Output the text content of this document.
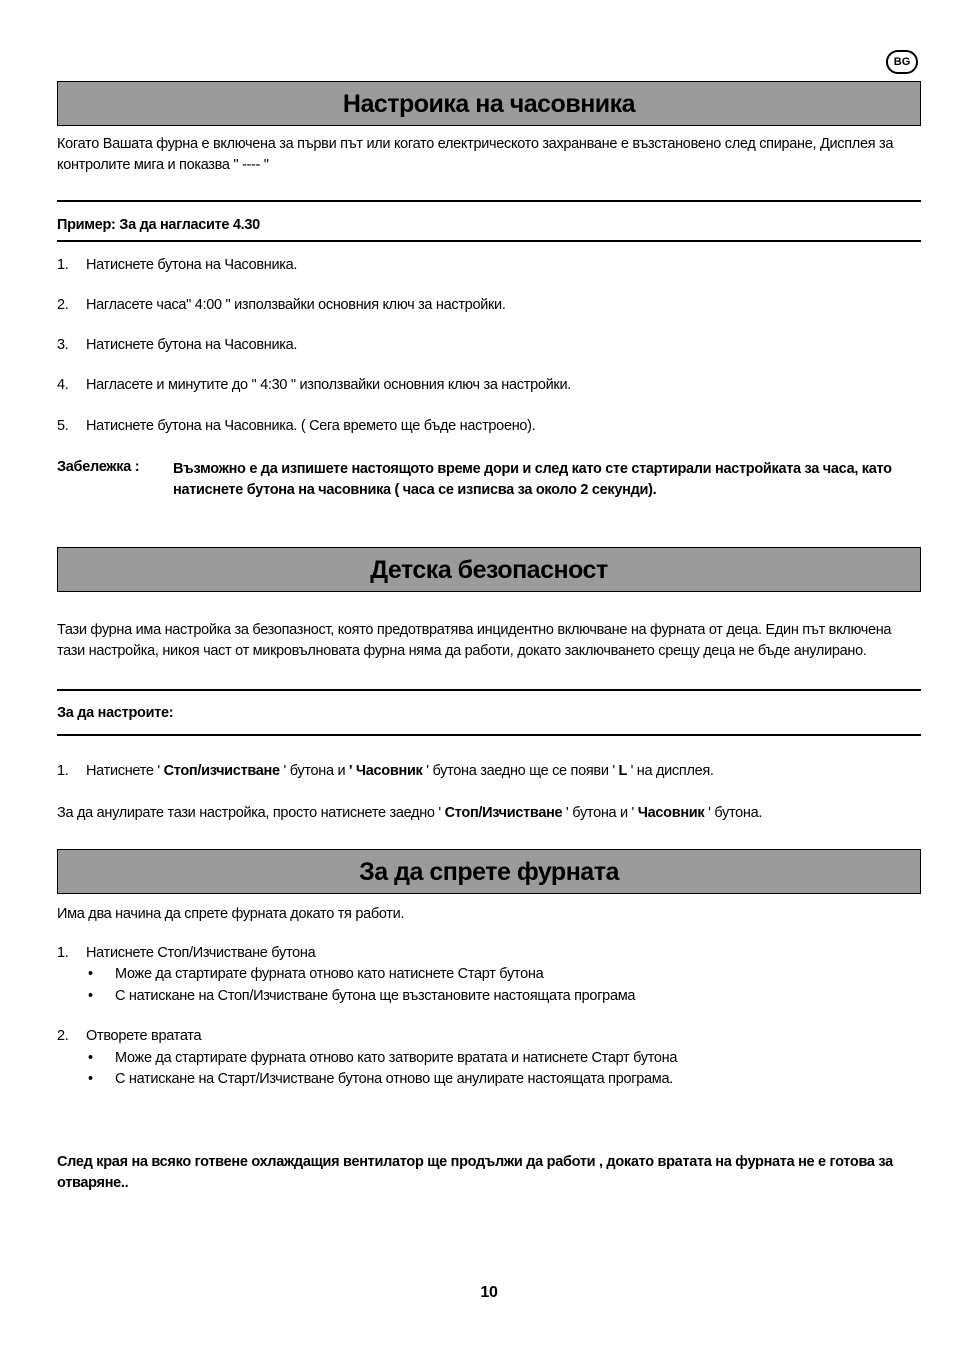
BG
Настроика на часовника
Когато Вашата фурна е включена за първи път или когато електрическото захранване е възстановено след спиране, Дисплея за контролите мига и показва " ---- "
Пример: За да нагласите 4.30
1.	Натиснете бутона на Часовника.
2.	Нагласете часа" 4:00 " използвайки основния ключ за настройки.
3.	Натиснете бутона на Часовника.
4.	Нагласете и минутите до " 4:30 " използвайки основния ключ за настройки.
5.	Натиснете бутона на Часовника. ( Сега времето ще бъде настроено).
Забележка : Възможно е да изпишете настоящото време дори и след като сте стартирали настройката за часа, като натиснете бутона на часовника ( часа се изписва за около 2 секунди).
Детска безопасност
Тази фурна има настройка за безопазност, която предотвратява инцидентно включване на фурната от деца. Един път включена тази настройка, никоя част от микровълновата фурна няма да работи, докато заключването срещу деца не бъде анулирано.
За да настроите:
1.	Натиснете ' Стоп/изчистване ' бутона и ' Часовник ' бутона заедно ще се появи ' L ' на дисплея.
За да анулирате тази настройка, просто натиснете заедно ' Стоп/Изчистване ' бутона и ' Часовник ' бутона.
За да спрете фурната
Има два начина да спрете фурната докато тя работи.
1.	Натиснете Стоп/Изчистване бутона
•	Може да стартирате фурната отново като натиснете Старт бутона
•	С натискане на Стоп/Изчистване бутона ще възстановите настоящата програма
2.	Отворете вратата
•	Може да стартирате фурната отново като затворите вратата и натиснете Старт бутона
•	С натискане на Старт/Изчистване бутона отново ще анулирате настоящата програма.
След края на всяко готвене охлаждащия вентилатор ще продължи да работи , докато вратата на фурната не е готова за отваряне..
10
